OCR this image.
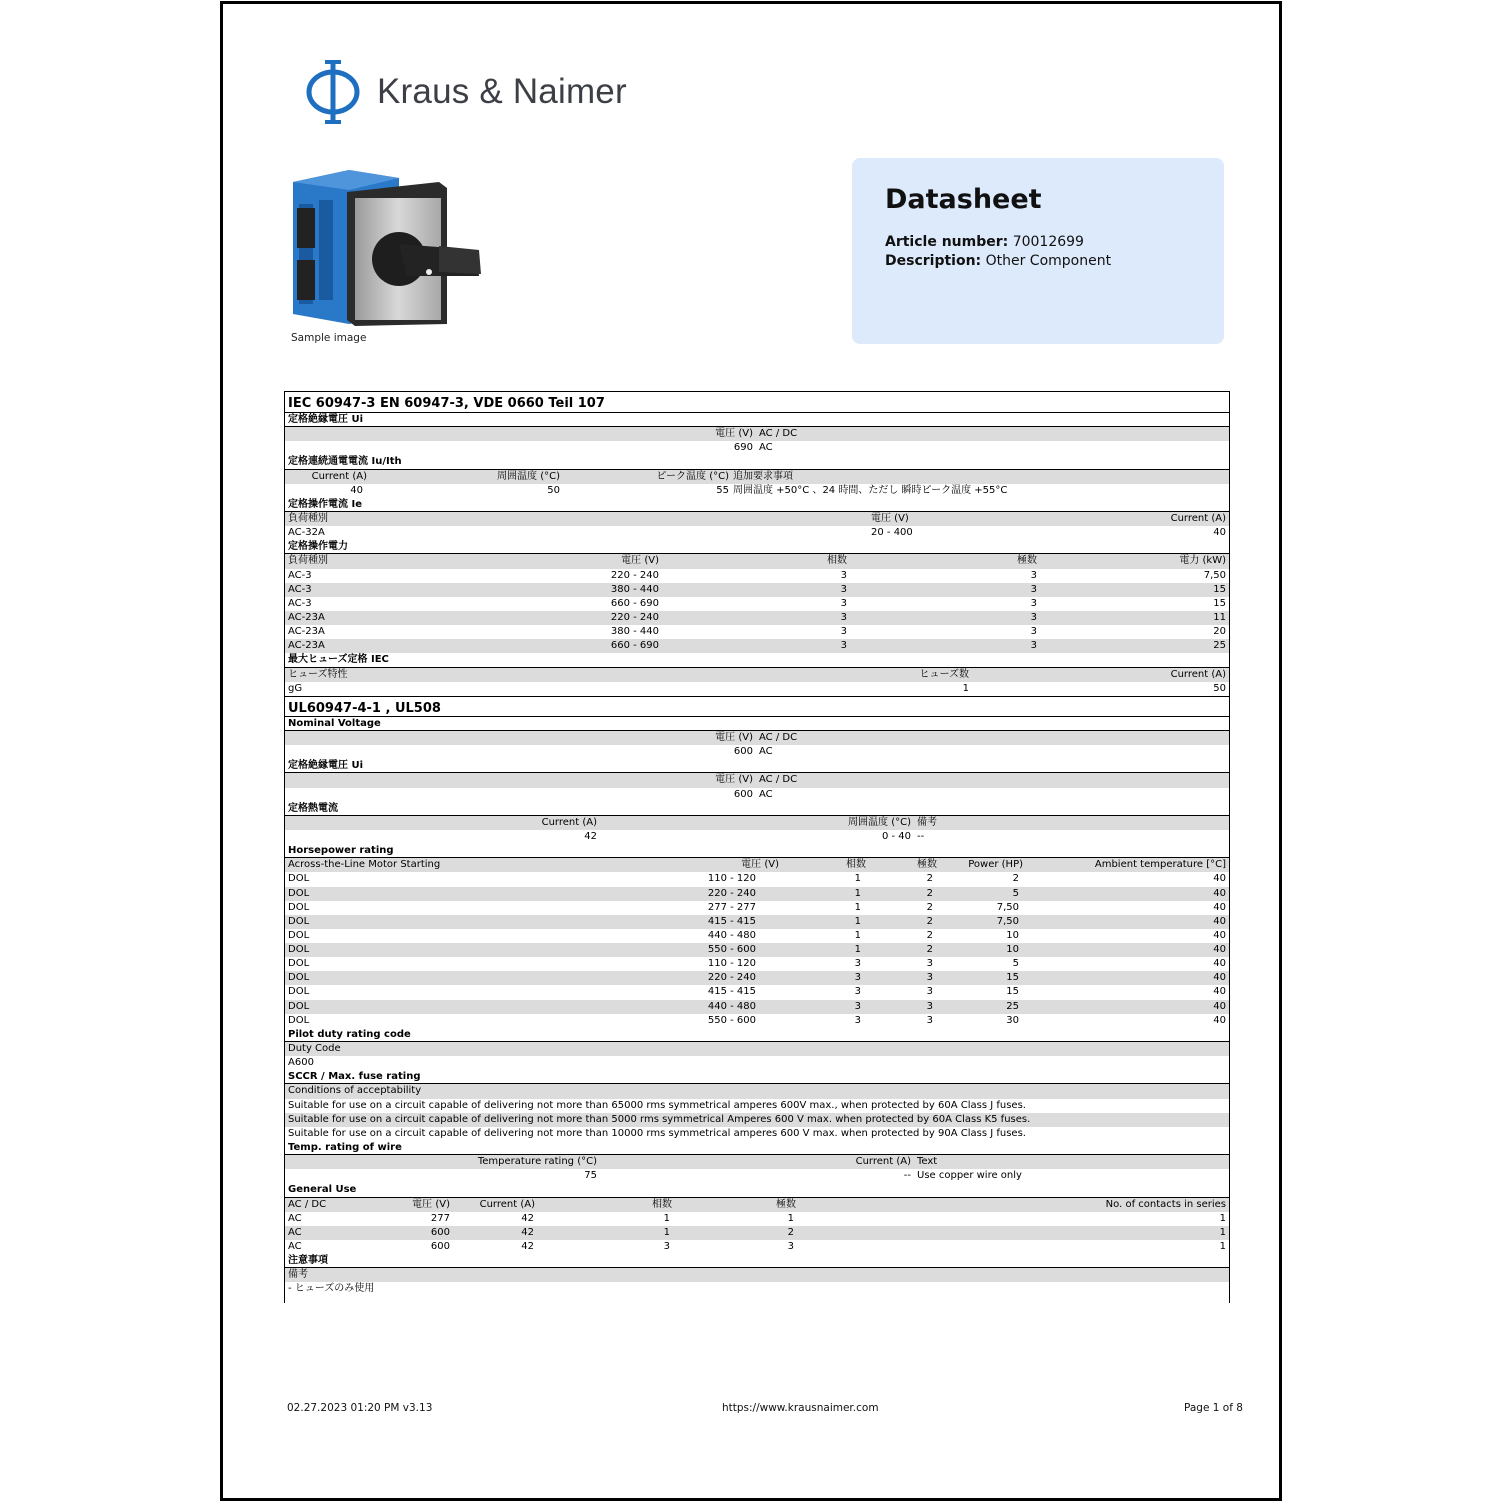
Kraus & Naimer
Sample image
Datasheet
Article number: 70012699
Description: Other Component
IEC 60947-3 EN 60947-3, VDE 0660 Teil 107
定格絶縁電圧 Ui
電圧 (V) AC / DC
690 AC
定格連続通電電流 Iu/Ith
Current (A)	周囲温度 (°C)	ピーク温度 (°C) 追加要求事項
40	50	55 周囲温度 +50°C 、24 時間、ただし 瞬時ピーク温度 +55°C
定格操作電流 Ie
負荷種別	電圧 (V)	Current (A)
AC-32A	20 - 400	40
定格操作電力
負荷種別	電圧 (V)	相数	極数	電力 (kW)
AC-3	220 - 240	3	3	7,50
AC-3	380 - 440	3	3	15
AC-3	660 - 690	3	3	15
AC-23A	220 - 240	3	3	11
AC-23A	380 - 440	3	3	20
AC-23A	660 - 690	3	3	25
最大ヒューズ定格 IEC
ヒューズ特性	ヒューズ数	Current (A)
gG	1	50
UL60947-4-1 , UL508
Nominal Voltage
電圧 (V) AC / DC
600 AC
定格絶縁電圧 Ui
電圧 (V) AC / DC
600 AC
定格熱電流
Current (A)	周囲温度 (°C) 備考
42	0 - 40 --
Horsepower rating
Across-the-Line Motor Starting	電圧 (V)	相数	極数	Power (HP)	Ambient temperature [°C]
DOL	110 - 120	1	2	2	40
DOL	220 - 240	1	2	5	40
DOL	277 - 277	1	2	7,50	40
DOL	415 - 415	1	2	7,50	40
DOL	440 - 480	1	2	10	40
DOL	550 - 600	1	2	10	40
DOL	110 - 120	3	3	5	40
DOL	220 - 240	3	3	15	40
DOL	415 - 415	3	3	15	40
DOL	440 - 480	3	3	25	40
DOL	550 - 600	3	3	30	40
Pilot duty rating code
Duty Code
A600
SCCR / Max. fuse rating
Conditions of acceptability
Suitable for use on a circuit capable of delivering not more than 65000 rms symmetrical amperes 600V max., when protected by 60A Class J fuses.
Suitable for use on a circuit capable of delivering not more than 5000 rms symmetrical Amperes 600 V max. when protected by 60A Class K5 fuses.
Suitable for use on a circuit capable of delivering not more than 10000 rms symmetrical amperes 600 V max. when protected by 90A Class J fuses.
Temp. rating of wire
Temperature rating (°C)	Current (A) Text
75	-- Use copper wire only
General Use
AC / DC	電圧 (V)	Current (A)	相数	極数	No. of contacts in series
AC	277	42	1	1	1
AC	600	42	1	2	1
AC	600	42	3	3	1
注意事項
備考
- ヒューズのみ使用
02.27.2023 01:20 PM v3.13	https://www.krausnaimer.com	Page 1 of 8
